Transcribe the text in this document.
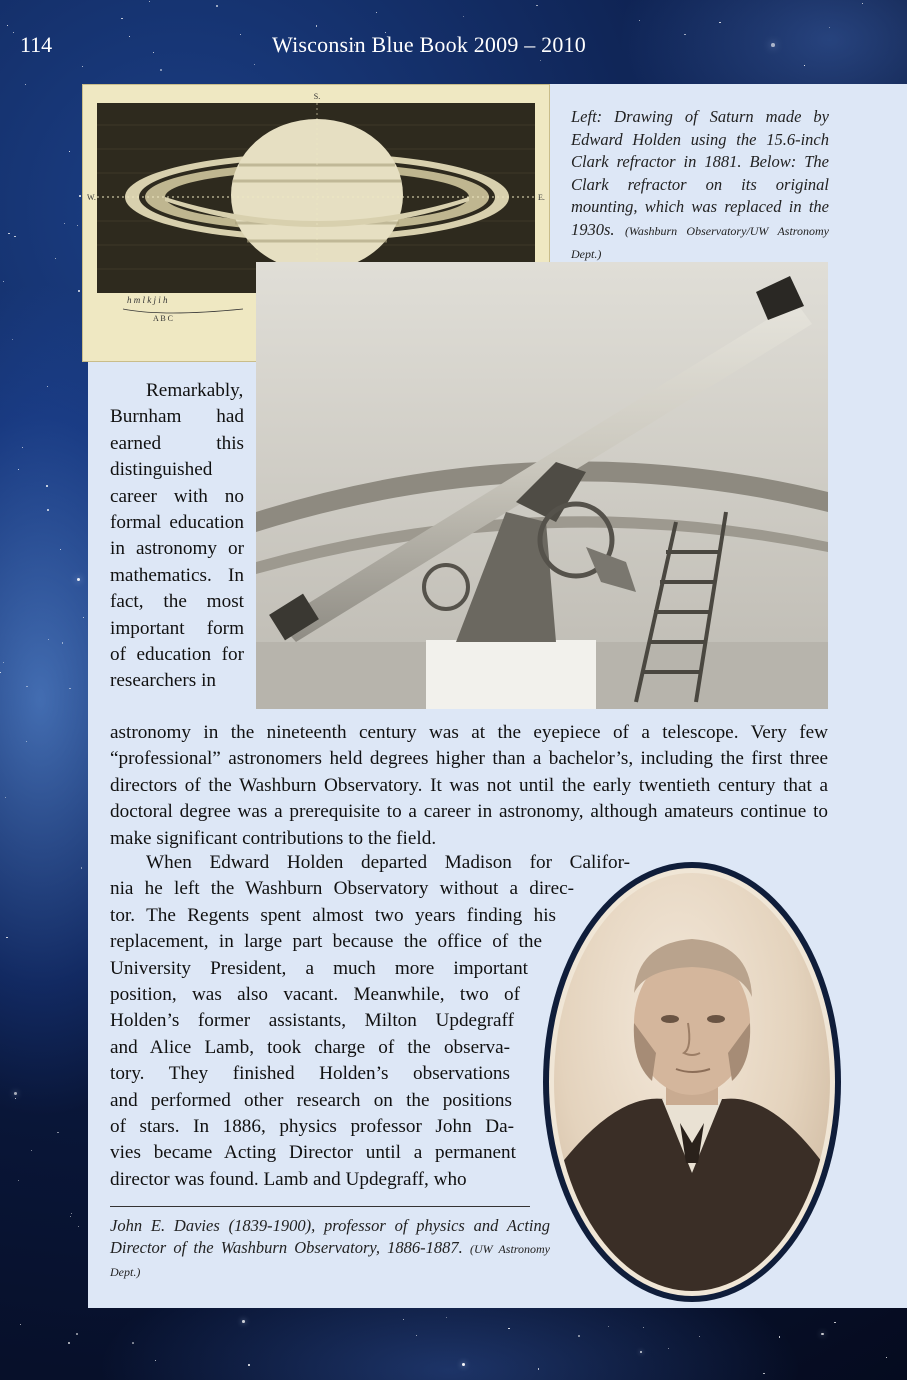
114	Wisconsin Blue Book 2009 – 2010
S.
W.	E.
h m l k j i h
A B C
Left: Drawing of Saturn made by Edward Holden using the 15.6-inch Clark refractor in 1881. Below: The Clark refractor on its original mounting, which was replaced in the 1930s. (Washburn Observatory/UW Astronomy Dept.)

Remarkably, Burnham had earned this distinguished career with no formal education in astronomy or mathematics. In fact, the most important form of education for researchers in

astronomy in the nineteenth century was at the eyepiece of a telescope. Very few “professional” astronomers held degrees higher than a bachelor’s, including the first three directors of the Washburn Observatory. It was not until the early twentieth century that a doctoral degree was a prerequisite to a career in astronomy, although amateurs continue to make significant contributions to the field.

When Edward Holden departed Madison for Califor-
nia he left the Washburn Observatory without a direc-
tor. The Regents spent almost two years finding his
replacement, in large part because the office of the
University President, a much more important
position, was also vacant. Meanwhile, two of
Holden’s former assistants, Milton Updegraff
and Alice Lamb, took charge of the observa-
tory. They finished Holden’s observations
and performed other research on the positions
of stars. In 1886, physics professor John Da-
vies became Acting Director until a permanent
director was found. Lamb and Updegraff, who
John E. Davies (1839-1900), professor of physics and Acting Director of the Washburn Observatory, 1886-1887. (UW Astronomy Dept.)
